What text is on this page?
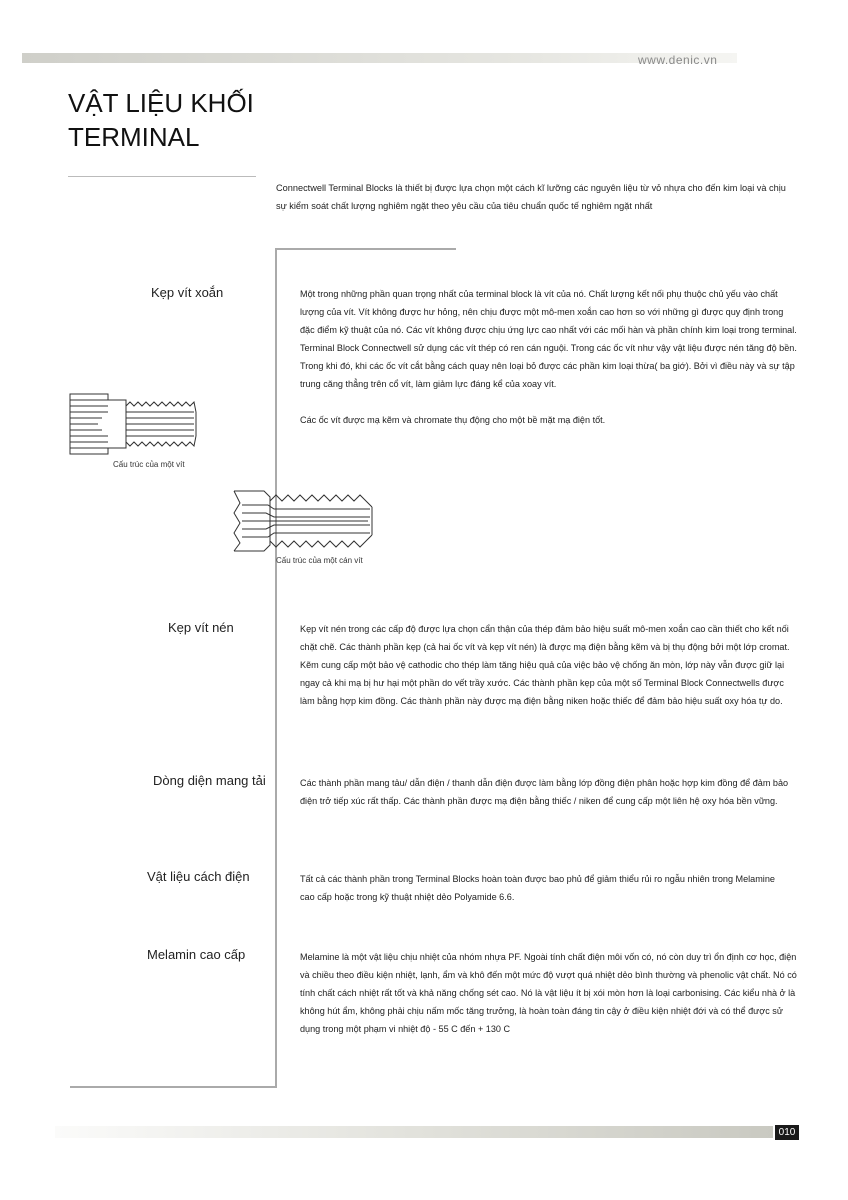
www.denic.vn
VẬT LIỆU KHỐI
TERMINAL
Connectwell Terminal Blocks là thiết bị được lựa chọn một cách kĩ lưỡng các nguyên liệu từ vỏ nhựa cho đến kim loại và chịu sự kiểm soát chất lượng nghiêm ngặt theo yêu cầu của tiêu chuẩn quốc tế nghiêm ngặt nhất
Kẹp vít xoắn	Một trong những phần quan trọng nhất của terminal block là vít của nó. Chất lượng kết nối phụ thuộc chủ yếu vào chất lượng của vít. Vít không được hư hỏng, nên chịu được một mô-men xoắn cao hơn so với những gì được quy định trong đặc điểm kỹ thuật của nó. Các vít không được chịu ứng lực cao nhất với các mối hàn và phần chính kim loại trong terminal.

Terminal Block Connectwell sử dụng các vít thép có ren cán nguội. Trong các ốc vít như vậy vật liệu được nén tăng độ bền. Trong khi đó, khi các ốc vít cắt bằng cách quay nên loại bỏ được các phần kim loại thừa( ba giớ). Bởi vì điều này và sự tập trung căng thẳng trên cổ vít, làm giảm lực đáng kể của xoay vít.

Các ốc vít được mạ kẽm và chromate thụ động cho một bề mặt mạ điện tốt.

Cấu trúc của một vít
Cấu trúc của một cán vít
Kẹp vít nén	Kẹp vít nén trong các cấp độ được lựa chọn cẩn thận của thép đảm bảo hiệu suất mô-men xoắn cao cần thiết cho kết nối chặt chẽ. Các thành phần kẹp (cả hai ốc vít và kẹp vít nén) là được mạ điện bằng kẽm và bị thụ động bởi một lớp cromat. Kẽm cung cấp một bảo vệ cathodic cho thép làm tăng hiệu quả của việc bảo vệ chống ăn mòn, lớp này vẫn được giữ lại ngay cả khi mạ bị hư hại một phần do vết trầy xước. Các thành phần kẹp của một số Terminal Block Connectwells được làm bằng hợp kim đồng. Các thành phần này được mạ điện bằng niken hoặc thiếc để đảm bảo hiệu suất oxy hóa tự do.

Dòng diện mang tải	Các thành phần mang tảu/ dẫn điện / thanh dẫn điện được làm bằng lớp đồng điện phân hoặc hợp kim đồng để đảm bảo điện trở tiếp xúc rất thấp. Các thành phần được mạ điện bằng thiếc / niken để cung cấp một liên hệ oxy hóa bền vững.

Vật liệu cách điện	Tất cả các thành phần trong Terminal Blocks hoàn toàn được bao phủ để giảm thiểu rủi ro ngẫu nhiên trong Melamine cao cấp hoặc trong kỹ thuật nhiệt dẻo Polyamide 6.6.

Melamin cao cấp	Melamine là một vật liệu chịu nhiệt của nhóm nhựa PF. Ngoài tính chất điện môi vốn có, nó còn duy trì ổn định cơ học, điện và chiều theo điều kiện nhiệt, lạnh, ẩm và khô đến một mức độ vượt quá nhiệt dẻo bình thường và phenolic vật chất. Nó có tính chất cách nhiệt rất tốt và khả năng chống sét cao. Nó là vật liệu ít bị xói mòn hơn là loại carbonising. Các kiểu nhà ở là không hút ẩm, không phải chịu nấm mốc tăng trưởng, là hoàn toàn đáng tin cậy ở điều kiện nhiệt đới và có thể được sử dụng trong một phạm vi nhiệt độ - 55 C đến + 130 C

010
